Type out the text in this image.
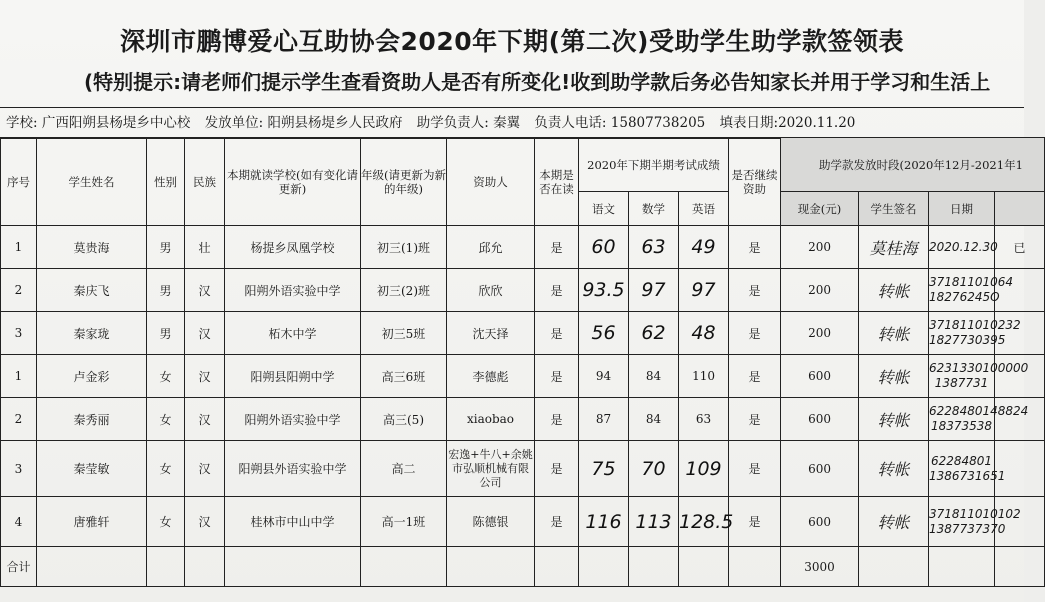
深圳市鹏博爱心互助协会2020年下期(第二次)受助学生助学款签领表
(特别提示:请老师们提示学生查看资助人是否有所变化!收到助学款后务必告知家长并用于学习和生活上
学校: 广西阳朔县杨堤乡中心校 发放单位: 阳朔县杨堤乡人民政府 助学负责人: 秦翼 负责人电话: 15807738205 填表日期:2020.11.20
序号	学生姓名	性别	民族	本期就读学校(如有变化请更新)	年级(请更新为新的年级)	资助人	本期是否在读	2020年下期半期考试成绩			是否继续资助	助学款发放时段(2020年12月-2021年1			
								语文	数学	英语		现金(元)	学生签名	日期	
1	莫贵海	男	壮	杨提乡凤凰学校	初三(1)班	邱允	是	60	63	49	是	200	莫桂海	2020.12.30	已
2	秦庆飞	男	汉	阳朔外语实验中学	初三(2)班	欣欣	是	93.5	97	97	是	200	转帐	37181101064
18276245O	
3	秦家珑	男	汉	柘木中学	初三5班	沈天择	是	56	62	48	是	200	转帐	371811010232
1827730395	
1	卢金彩	女	汉	阳朔县阳朔中学	高三6班	李德彪	是	94	84	110	是	600	转帐	6231330100000
1387731	
2	秦秀丽	女	汉	阳朔外语实验中学	高三(5)	xiaobao	是	87	84	63	是	600	转帐	6228480148824
18373538	
3	秦莹敏	女	汉	阳朔县外语实验中学	高二	宏逸+牛八+余姚市弘顺机械有限公司	是	75	70	109	是	600	转帐	62284801
1386731651	
4	唐雅轩	女	汉	桂林市中山中学	高一1班	陈德银	是	116	113	128.5	是	600	转帐	371811010102
1387737370	
合计												3000			
